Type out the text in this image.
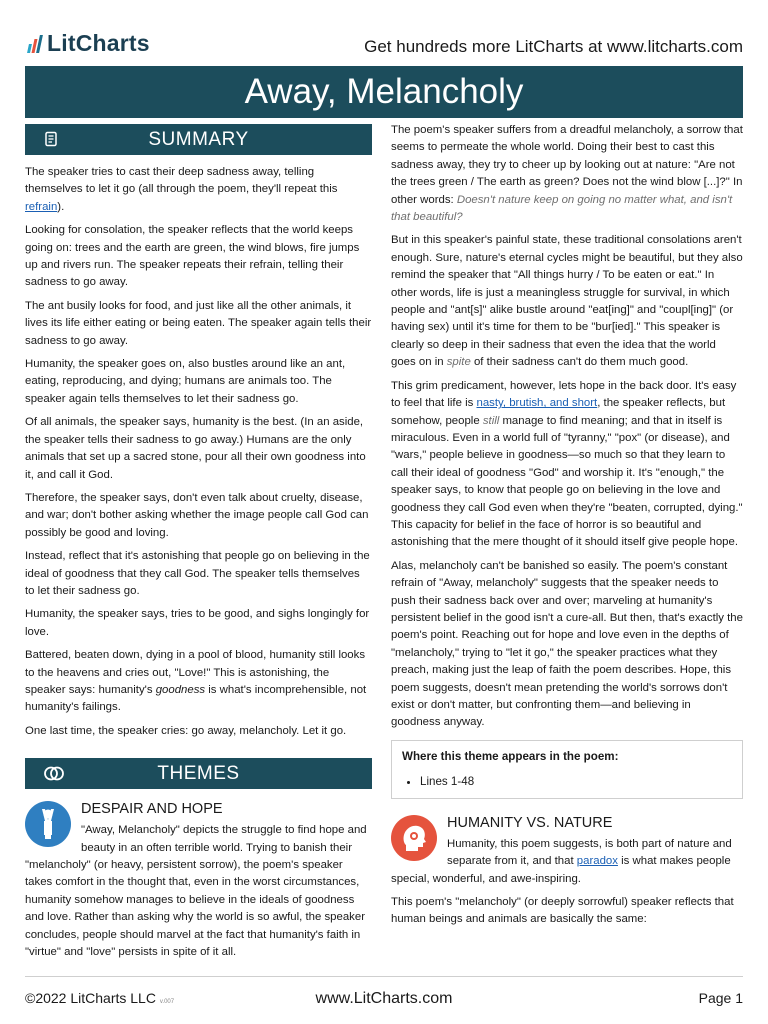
LitCharts	Get hundreds more LitCharts at www.litcharts.com
Away, Melancholy
SUMMARY

The speaker tries to cast their deep sadness away, telling themselves to let it go (all through the poem, they'll repeat this refrain).

Looking for consolation, the speaker reflects that the world keeps going on: trees and the earth are green, the wind blows, fire jumps up and rivers run. The speaker repeats their refrain, telling their sadness to go away.

The ant busily looks for food, and just like all the other animals, it lives its life either eating or being eaten. The speaker again tells their sadness to go away.

Humanity, the speaker goes on, also bustles around like an ant, eating, reproducing, and dying; humans are animals too. The speaker again tells themselves to let their sadness go.

Of all animals, the speaker says, humanity is the best. (In an aside, the speaker tells their sadness to go away.) Humans are the only animals that set up a sacred stone, pour all their own goodness into it, and call it God.

Therefore, the speaker says, don't even talk about cruelty, disease, and war; don't bother asking whether the image people call God can possibly be good and loving.

Instead, reflect that it's astonishing that people go on believing in the ideal of goodness that they call God. The speaker tells themselves to let their sadness go.

Humanity, the speaker says, tries to be good, and sighs longingly for love.

Battered, beaten down, dying in a pool of blood, humanity still looks to the heavens and cries out, "Love!" This is astonishing, the speaker says: humanity's goodness is what's incomprehensible, not humanity's failings.

One last time, the speaker cries: go away, melancholy. Let it go.

THEMES
DESPAIR AND HOPE

"Away, Melancholy" depicts the struggle to find hope and beauty in an often terrible world. Trying to banish their "melancholy" (or heavy, persistent sorrow), the poem's speaker takes comfort in the thought that, even in the worst circumstances, humanity somehow manages to believe in the ideals of goodness and love. Rather than asking why the world is so awful, the speaker concludes, people should marvel at the fact that humanity's faith in "virtue" and "love" persists in spite of it all.

The poem's speaker suffers from a dreadful melancholy, a sorrow that seems to permeate the whole world. Doing their best to cast this sadness away, they try to cheer up by looking out at nature: "Are not the trees green / The earth as green? Does not the wind blow [...]?" In other words: Doesn't nature keep on going no matter what, and isn't that beautiful?

But in this speaker's painful state, these traditional consolations aren't enough. Sure, nature's eternal cycles might be beautiful, but they also remind the speaker that "All things hurry / To be eaten or eat." In other words, life is just a meaningless struggle for survival, in which people and "ant[s]" alike bustle around "eat[ing]" and "coupl[ing]" (or having sex) until it's time for them to be "bur[ied]." This speaker is clearly so deep in their sadness that even the idea that the world goes on in spite of their sadness can't do them much good.

This grim predicament, however, lets hope in the back door. It's easy to feel that life is nasty, brutish, and short, the speaker reflects, but somehow, people still manage to find meaning; and that in itself is miraculous. Even in a world full of "tyranny," "pox" (or disease), and "wars," people believe in goodness—so much so that they learn to call their ideal of goodness "God" and worship it. It's "enough," the speaker says, to know that people go on believing in the love and goodness they call God even when they're "beaten, corrupted, dying." This capacity for belief in the face of horror is so beautiful and astonishing that the mere thought of it should itself give people hope.

Alas, melancholy can't be banished so easily. The poem's constant refrain of "Away, melancholy" suggests that the speaker needs to push their sadness back over and over; marveling at humanity's persistent belief in the good isn't a cure-all. But then, that's exactly the poem's point. Reaching out for hope and love even in the depths of "melancholy," trying to "let it go," the speaker practices what they preach, making just the leap of faith the poem describes. Hope, this poem suggests, doesn't mean pretending the world's sorrows don't exist or don't matter, but confronting them—and believing in goodness anyway.

Where this theme appears in the poem:
• Lines 1-48
HUMANITY VS. NATURE

Humanity, this poem suggests, is both part of nature and separate from it, and that paradox is what makes people special, wonderful, and awe-inspiring.

This poem's "melancholy" (or deeply sorrowful) speaker reflects that human beings and animals are basically the same:

©2022 LitCharts LLC v.007	www.LitCharts.com	Page 1
